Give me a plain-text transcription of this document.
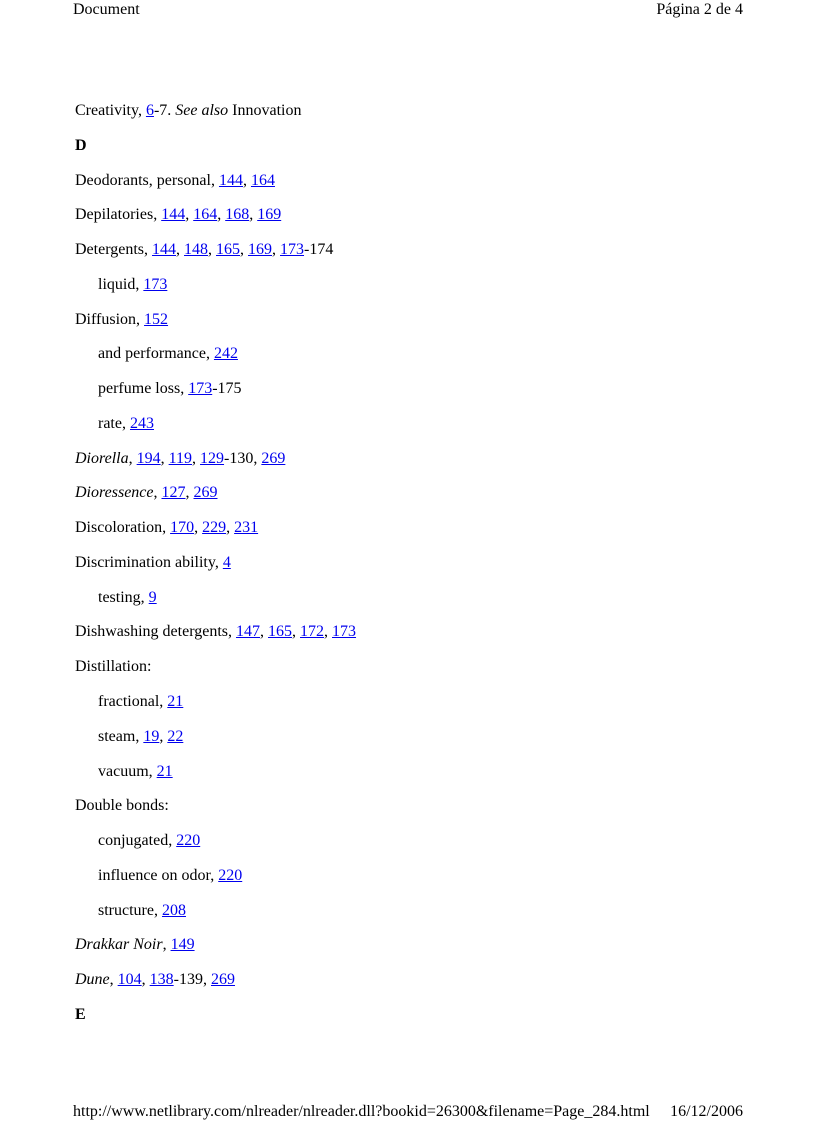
Document	Página 2 de 4
Creativity, 6-7. See also Innovation
D
Deodorants, personal, 144, 164
Depilatories, 144, 164, 168, 169
Detergents, 144, 148, 165, 169, 173-174
liquid, 173
Diffusion, 152
and performance, 242
perfume loss, 173-175
rate, 243
Diorella, 194, 119, 129-130, 269
Dioressence, 127, 269
Discoloration, 170, 229, 231
Discrimination ability, 4
testing, 9
Dishwashing detergents, 147, 165, 172, 173
Distillation:
fractional, 21
steam, 19, 22
vacuum, 21
Double bonds:
conjugated, 220
influence on odor, 220
structure, 208
Drakkar Noir, 149
Dune, 104, 138-139, 269
E
http://www.netlibrary.com/nlreader/nlreader.dll?bookid=26300&filename=Page_284.html 16/12/2006
